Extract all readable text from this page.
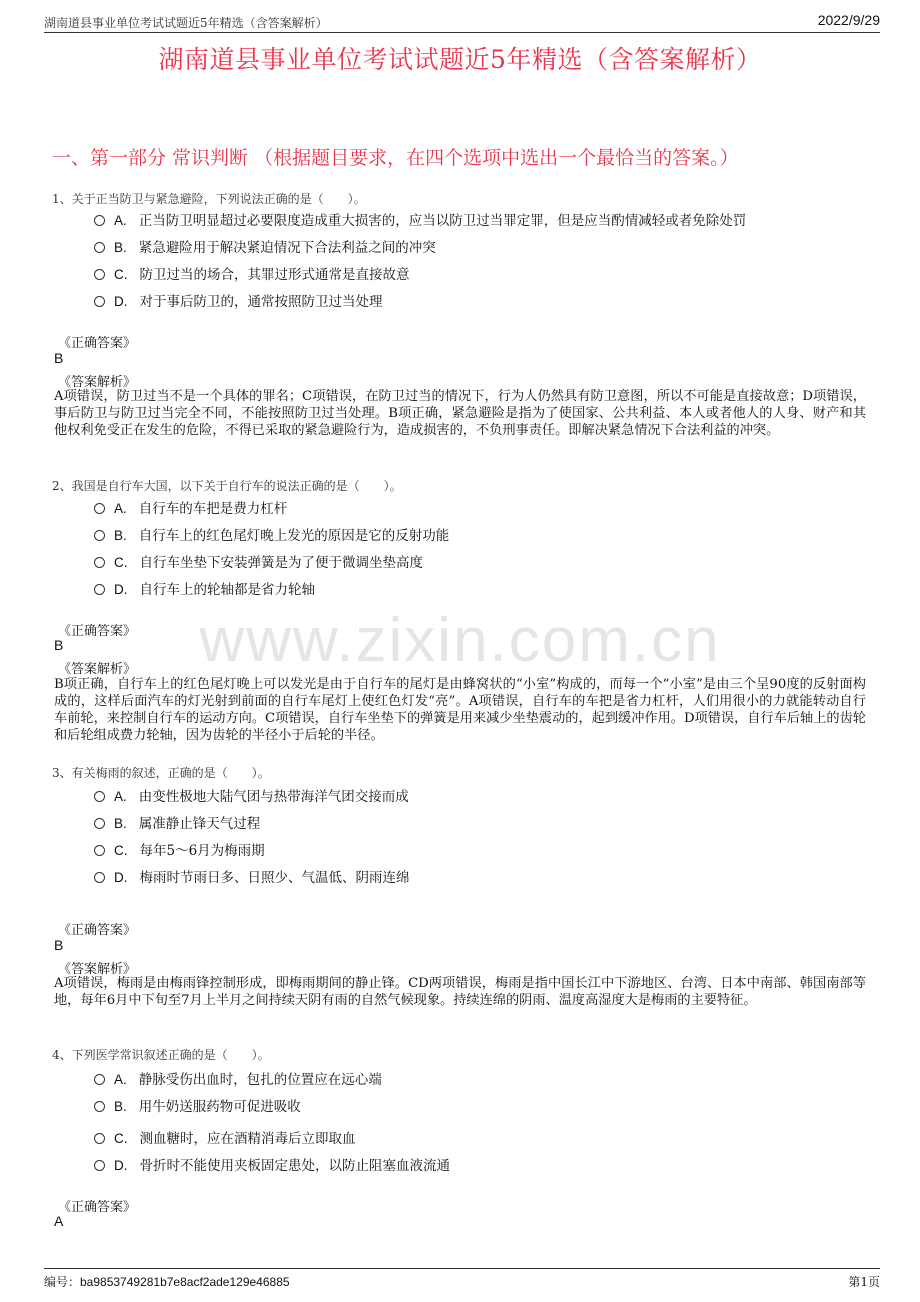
湖南道县事业单位考试试题近5年精选（含答案解析）	2022/9/29
湖南道县事业单位考试试题近5年精选（含答案解析）
一、第一部分 常识判断 （根据题目要求，在四个选项中选出一个最恰当的答案。）
www.zixin.com.cn
1、关于正当防卫与紧急避险，下列说法正确的是（　　）。
A. 正当防卫明显超过必要限度造成重大损害的，应当以防卫过当罪定罪，但是应当酌情减轻或者免除处罚
B. 紧急避险用于解决紧迫情况下合法利益之间的冲突
C. 防卫过当的场合，其罪过形式通常是直接故意
D. 对于事后防卫的，通常按照防卫过当处理
《正确答案》
B
《答案解析》
A项错误，防卫过当不是一个具体的罪名；C项错误，在防卫过当的情况下，行为人仍然具有防卫意图，所以不可能是直接故意；D项错误，事后防卫与防卫过当完全不同，不能按照防卫过当处理。B项正确，紧急避险是指为了使国家、公共利益、本人或者他人的人身、财产和其他权利免受正在发生的危险，不得已采取的紧急避险行为，造成损害的，不负刑事责任。即解决紧急情况下合法利益的冲突。
2、我国是自行车大国，以下关于自行车的说法正确的是（　　）。
A. 自行车的车把是费力杠杆
B. 自行车上的红色尾灯晚上发光的原因是它的反射功能
C. 自行车坐垫下安装弹簧是为了便于微调坐垫高度
D. 自行车上的轮轴都是省力轮轴
《正确答案》
B
《答案解析》
B项正确，自行车上的红色尾灯晚上可以发光是由于自行车的尾灯是由蜂窝状的“小室”构成的，而每一个“小室”是由三个呈90度的反射面构成的，这样后面汽车的灯光射到前面的自行车尾灯上使红色灯发“亮”。A项错误，自行车的车把是省力杠杆，人们用很小的力就能转动自行车前轮，来控制自行车的运动方向。C项错误，自行车坐垫下的弹簧是用来减少坐垫震动的，起到缓冲作用。D项错误，自行车后轴上的齿轮和后轮组成费力轮轴，因为齿轮的半径小于后轮的半径。
3、有关梅雨的叙述，正确的是（　　）。
A. 由变性极地大陆气团与热带海洋气团交接而成
B. 属准静止锋天气过程
C. 每年5～6月为梅雨期
D. 梅雨时节雨日多、日照少、气温低、阴雨连绵
《正确答案》
B
《答案解析》
A项错误，梅雨是由梅雨锋控制形成，即梅雨期间的静止锋。CD两项错误，梅雨是指中国长江中下游地区、台湾、日本中南部、韩国南部等地，每年6月中下旬至7月上半月之间持续天阴有雨的自然气候现象。持续连绵的阴雨、温度高湿度大是梅雨的主要特征。
4、下列医学常识叙述正确的是（　　）。
A. 静脉受伤出血时，包扎的位置应在远心端
B. 用牛奶送服药物可促进吸收
C. 测血糖时，应在酒精消毒后立即取血
D. 骨折时不能使用夹板固定患处，以防止阻塞血液流通
《正确答案》
A
编号：ba9853749281b7e8acf2ade129e46885	第1页
